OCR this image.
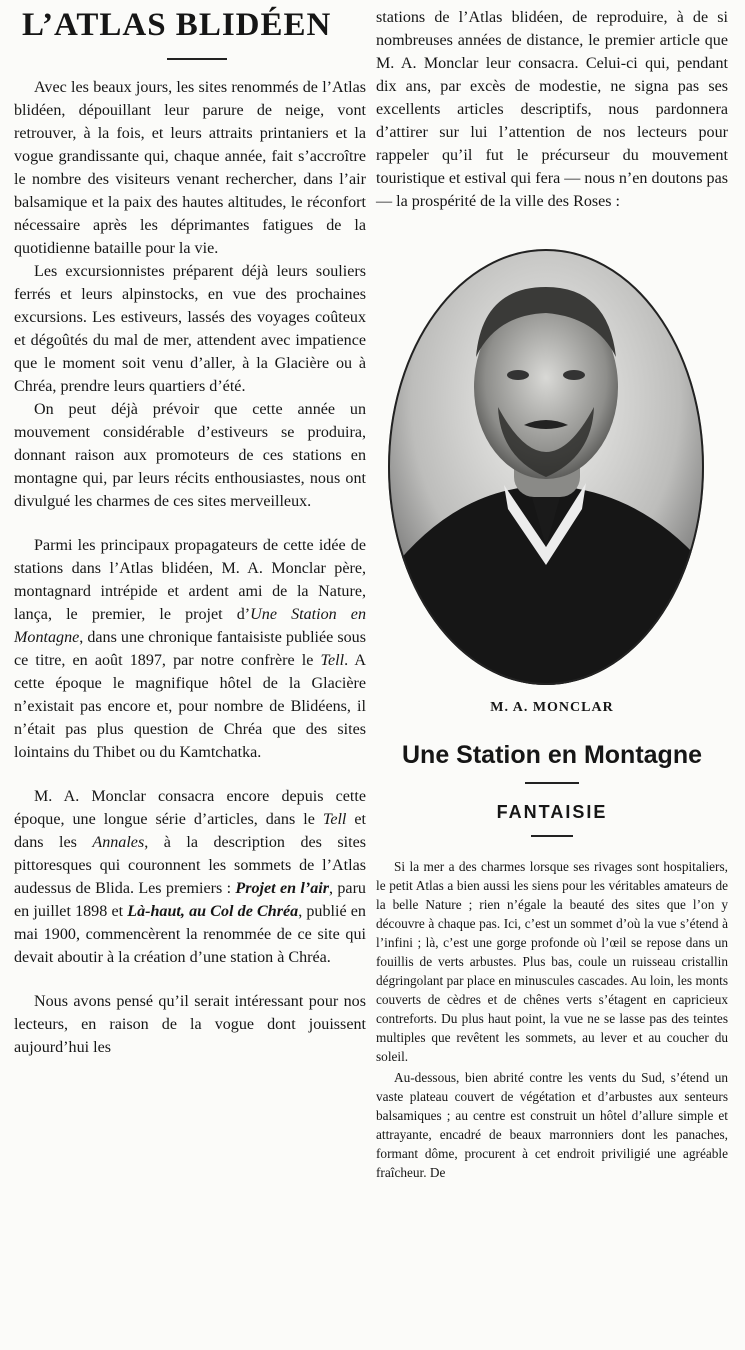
L’ATLAS BLIDÉEN

Avec les beaux jours, les sites renommés de l’Atlas blidéen, dépouillant leur parure de neige, vont retrouver, à la fois, et leurs attraits printaniers et la vogue grandissante qui, chaque année, fait s’accroître le nombre des visiteurs venant rechercher, dans l’air balsamique et la paix des hautes altitudes, le réconfort nécessaire après les déprimantes fatigues de la quotidienne bataille pour la vie.

Les excursionnistes préparent déjà leurs souliers ferrés et leurs alpinstocks, en vue des prochaines excursions. Les estiveurs, lassés des voyages coûteux et dégoûtés du mal de mer, attendent avec impatience que le moment soit venu d’aller, à la Glacière ou à Chréa, prendre leurs quartiers d’été.

On peut déjà prévoir que cette année un mouvement considérable d’estiveurs se produira, donnant raison aux promoteurs de ces stations en montagne qui, par leurs récits enthousiastes, nous ont divulgué les charmes de ces sites merveilleux.

Parmi les principaux propagateurs de cette idée de stations dans l’Atlas blidéen, M. A. Monclar père, montagnard intrépide et ardent ami de la Nature, lança, le premier, le projet d’Une Station en Montagne, dans une chronique fantaisiste publiée sous ce titre, en août 1897, par notre confrère le Tell. A cette époque le magnifique hôtel de la Glacière n’existait pas encore et, pour nombre de Blidéens, il n’était pas plus question de Chréa que des sites lointains du Thibet ou du Kamtchatka.

M. A. Monclar consacra encore depuis cette époque, une longue série d’articles, dans le Tell et dans les Annales, à la description des sites pittoresques qui couronnent les sommets de l’Atlas audessus de Blida. Les premiers : Projet en l’air, paru en juillet 1898 et Là-haut, au Col de Chréa, publié en mai 1900, commencèrent la renommée de ce site qui devait aboutir à la création d’une station à Chréa.

Nous avons pensé qu’il serait intéressant pour nos lecteurs, en raison de la vogue dont jouissent aujourd’hui les

stations de l’Atlas blidéen, de reproduire, à de si nombreuses années de distance, le premier article que M. A. Monclar leur consacra. Celui-ci qui, pendant dix ans, par excès de modestie, ne signa pas ses excellents articles descriptifs, nous pardonnera d’attirer sur lui l’attention de nos lecteurs pour rappeler qu’il fut le précurseur du mouvement touristique et estival qui fera — nous n’en doutons pas — la prospérité de la ville des Roses :

M. A. MONCLAR
Une Station en Montagne
FANTAISIE

Si la mer a des charmes lorsque ses rivages sont hospitaliers, le petit Atlas a bien aussi les siens pour les véritables amateurs de la belle Nature ; rien n’égale la beauté des sites que l’on y découvre à chaque pas. Ici, c’est un sommet d’où la vue s’étend à l’infini ; là, c’est une gorge profonde où l’œil se repose dans un fouillis de verts arbustes. Plus bas, coule un ruisseau cristallin dégringolant par place en minuscules cascades. Au loin, les monts couverts de cèdres et de chênes verts s’étagent en capricieux contreforts. Du plus haut point, la vue ne se lasse pas des teintes multiples que revêtent les sommets, au lever et au coucher du soleil.

Au-dessous, bien abrité contre les vents du Sud, s’étend un vaste plateau couvert de végétation et d’arbustes aux senteurs balsamiques ; au centre est construit un hôtel d’allure simple et attrayante, encadré de beaux marronniers dont les panaches, formant dôme, procurent à cet endroit priviligié une agréable fraîcheur. De
